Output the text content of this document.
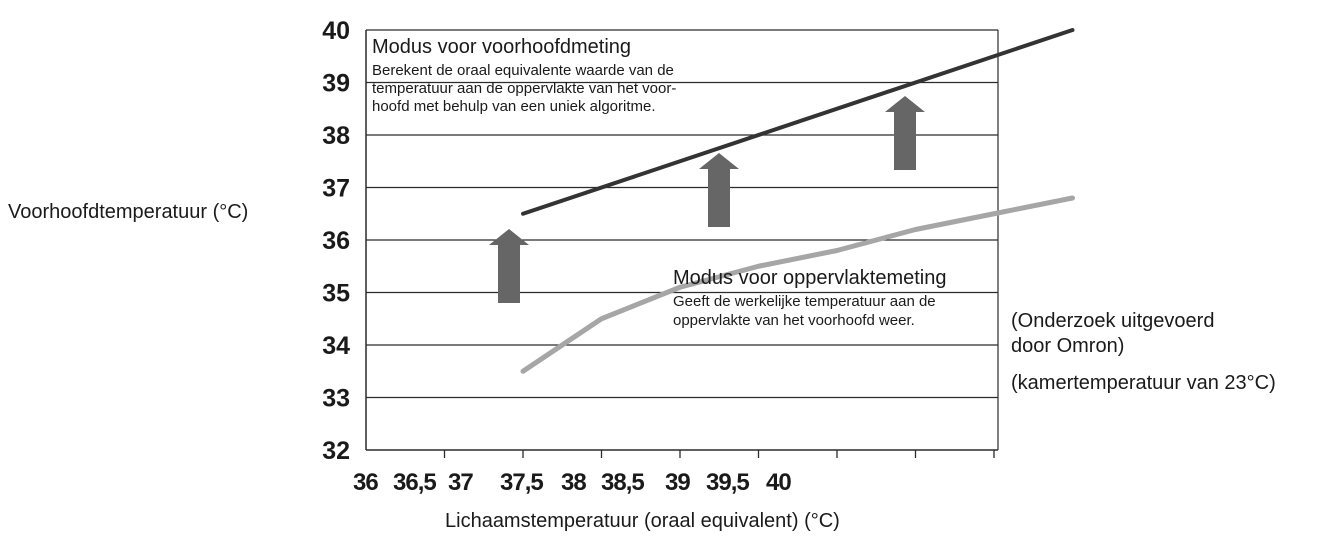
Voorhoofdtemperatuur (°C)
40
39
38
37
36
35
34
33
32
36 36,5 37 37,5 38 38,5 39 39,5 40
Modus voor voorhoofdmeting
Berekent de oraal equivalente waarde van de
temperatuur aan de oppervlakte van het voor-
hoofd met behulp van een uniek algoritme.
Modus voor oppervlaktemeting
Geeft de werkelijke temperatuur aan de
oppervlakte van het voorhoofd weer.	(Onderzoek uitgevoerd
door Omron)
(kamertemperatuur van 23°C)
Lichaamstemperatuur (oraal equivalent) (°C)
